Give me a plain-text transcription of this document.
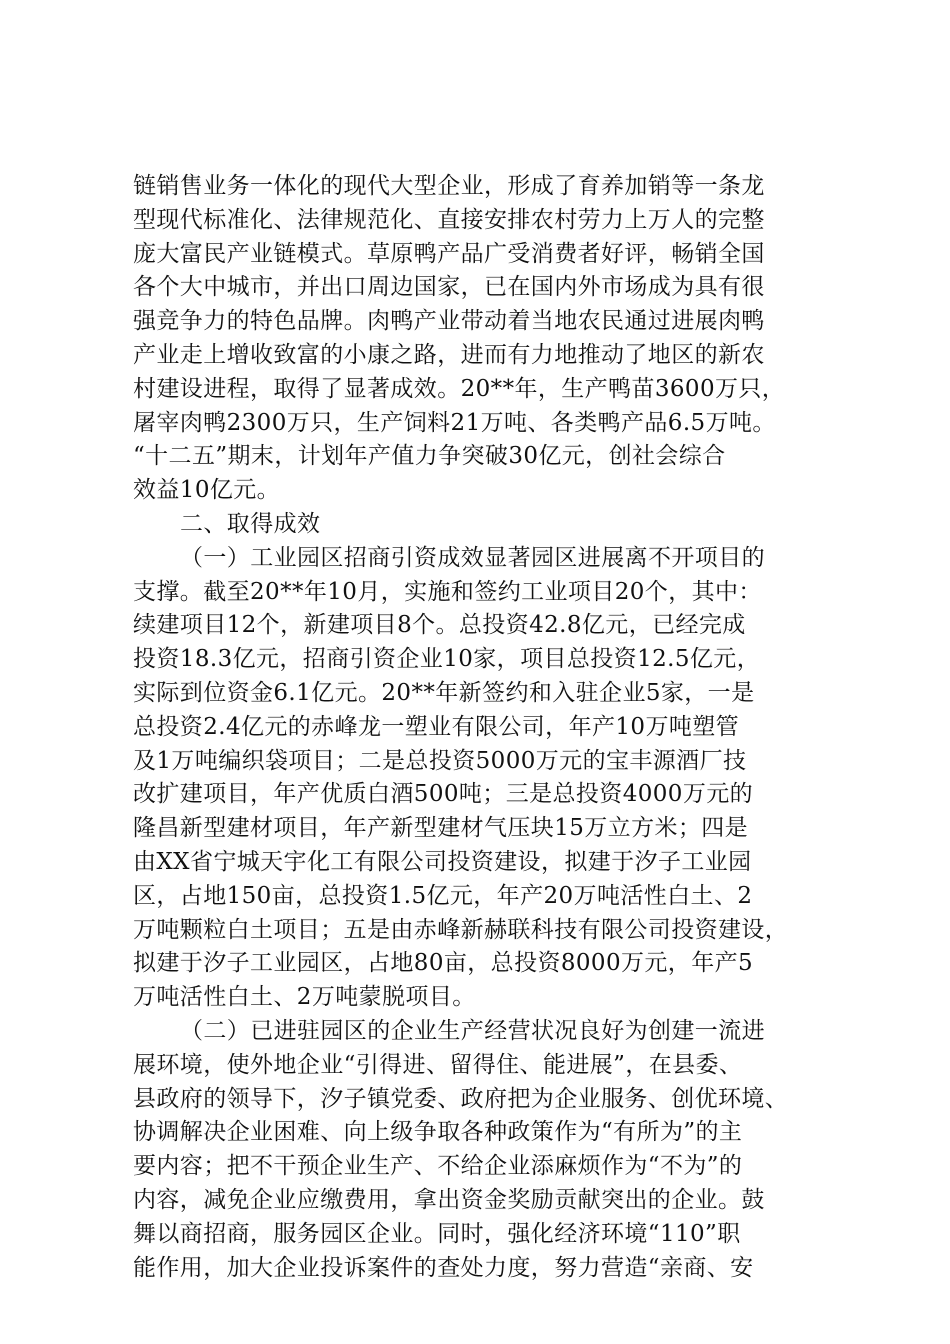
链销售业务一体化的现代大型企业，形成了育养加销等一条龙
型现代标准化、法律规范化、直接安排农村劳力上万人的完整
庞大富民产业链模式。草原鸭产品广受消费者好评，畅销全国
各个大中城市，并出口周边国家，已在国内外市场成为具有很
强竞争力的特色品牌。肉鸭产业带动着当地农民通过进展肉鸭
产业走上增收致富的小康之路，进而有力地推动了地区的新农
村建设进程，取得了显著成效。20**年，生产鸭苗3600万只，
屠宰肉鸭2300万只，生产饲料21万吨、各类鸭产品6.5万吨。
“十二五”期末，计划年产值力争突破30亿元，创社会综合
效益10亿元。
二、取得成效
（一）工业园区招商引资成效显著园区进展离不开项目的
支撑。截至20**年10月，实施和签约工业项目20个，其中：
续建项目12个，新建项目8个。总投资42.8亿元，已经完成
投资18.3亿元，招商引资企业10家，项目总投资12.5亿元，
实际到位资金6.1亿元。20**年新签约和入驻企业5家，一是
总投资2.4亿元的赤峰龙一塑业有限公司，年产10万吨塑管
及1万吨编织袋项目；二是总投资5000万元的宝丰源酒厂技
改扩建项目，年产优质白酒500吨；三是总投资4000万元的
隆昌新型建材项目，年产新型建材气压块15万立方米；四是
由XX省宁城天宇化工有限公司投资建设，拟建于汐子工业园
区，占地150亩，总投资1.5亿元，年产20万吨活性白土、2
万吨颗粒白土项目；五是由赤峰新赫联科技有限公司投资建设，
拟建于汐子工业园区，占地80亩，总投资8000万元，年产5
万吨活性白土、2万吨蒙脱项目。
（二）已进驻园区的企业生产经营状况良好为创建一流进
展环境，使外地企业“引得进、留得住、能进展”，在县委、
县政府的领导下，汐子镇党委、政府把为企业服务、创优环境、
协调解决企业困难、向上级争取各种政策作为“有所为”的主
要内容；把不干预企业生产、不给企业添麻烦作为“不为”的
内容，减免企业应缴费用，拿出资金奖励贡献突出的企业。鼓
舞以商招商，服务园区企业。同时，强化经济环境“110”职
能作用，加大企业投诉案件的查处力度，努力营造“亲商、安
